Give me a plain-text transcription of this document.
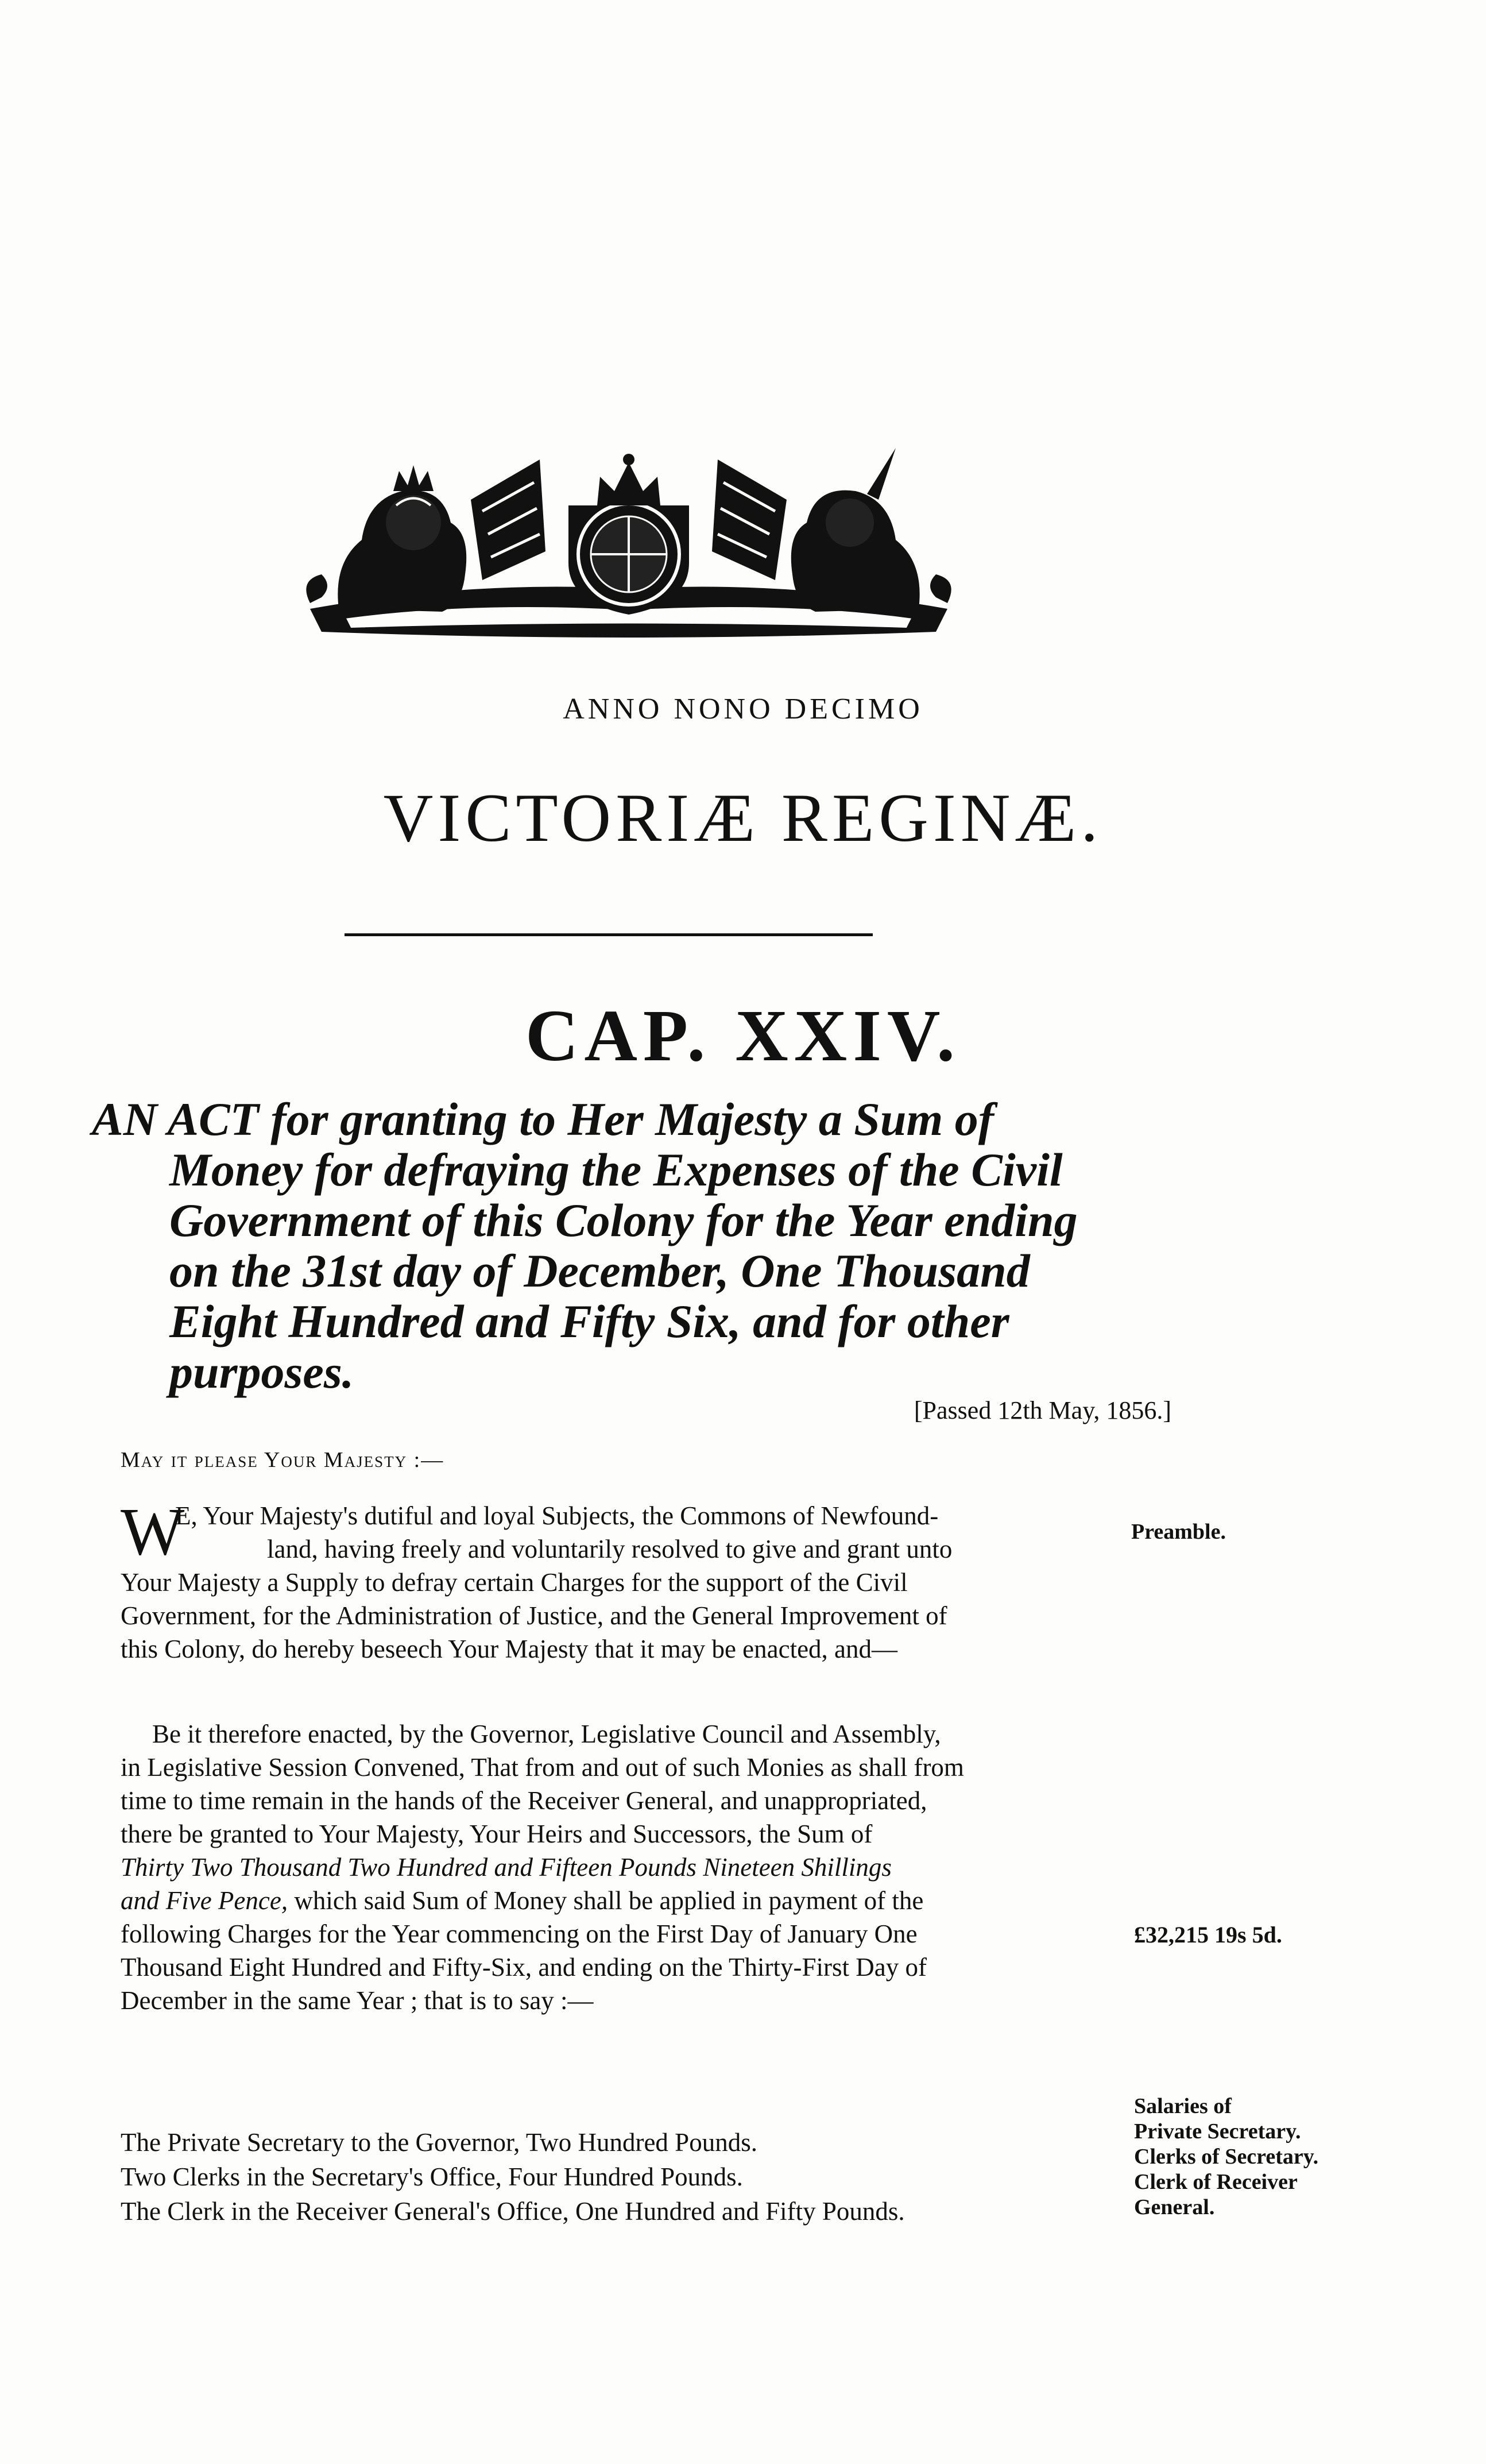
ANNO NONO DECIMO
VICTORIÆ REGINÆ.
CAP. XXIV.
AN ACT for granting to Her Majesty a Sum of
Money for defraying the Expenses of the Civil
Government of this Colony for the Year ending
on the 31st day of December, One Thousand
Eight Hundred and Fifty Six, and for other
purposes.
[Passed 12th May, 1856.]
May it please Your Majesty :—
W
E, Your Majesty's dutiful and loyal Subjects, the Commons of Newfound-
land, having freely and voluntarily resolved to give and grant unto
Your Majesty a Supply to defray certain Charges for the support of the Civil
Government, for the Administration of Justice, and the General Improvement of
this Colony, do hereby beseech Your Majesty that it may be enacted, and—
Preamble.
Be it therefore enacted, by the Governor, Legislative Council and Assembly,
in Legislative Session Convened, That from and out of such Monies as shall from
time to time remain in the hands of the Receiver General, and unappropriated,
there be granted to Your Majesty, Your Heirs and Successors, the Sum of
Thirty Two Thousand Two Hundred and Fifteen Pounds Nineteen Shillings
and Five Pence, which said Sum of Money shall be applied in payment of the
following Charges for the Year commencing on the First Day of January One
Thousand Eight Hundred and Fifty-Six, and ending on the Thirty-First Day of
December in the same Year ; that is to say :—
£32,215 19s 5d.
Salaries of
Private Secretary.
Clerks of Secretary.
Clerk of Receiver
General.
The Private Secretary to the Governor, Two Hundred Pounds.
Two Clerks in the Secretary's Office, Four Hundred Pounds.
The Clerk in the Receiver General's Office, One Hundred and Fifty Pounds.
